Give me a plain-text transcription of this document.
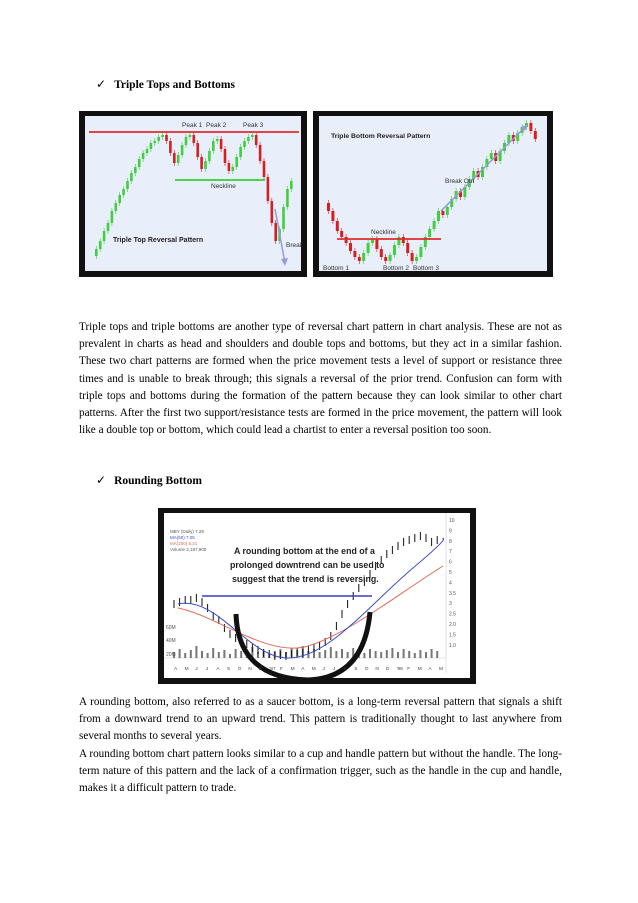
✓ Triple Tops and Bottoms
Peak 1 Peak 2	Peak 3
Neckline
Break
Triple Top Reversal Pattern
Triple Bottom Reversal Pattern
Neckline
Break Out
Bottom 1	Bottom 2 Bottom 3

Triple tops and triple bottoms are another type of reversal chart pattern in chart analysis. These are not as prevalent in charts as head and shoulders and double tops and bottoms, but they act in a similar fashion. These two chart patterns are formed when the price movement tests a level of support or resistance three times and is unable to break through; this signals a reversal of the prior trend. Confusion can form with triple tops and bottoms during the formation of the pattern because they can look similar to other chart patterns. After the first two support/resistance tests are formed in the price movement, the pattern will look like a double top or bottom, which could lead a chartist to enter a reversal position too soon.

✓ Rounding Bottom
A rounding bottom at the end of a
prolonged downtrend can be used to
suggest that the trend is reversing.
MBY (Daily) 7.29
MA(50) 7.05
MA(200) 6.21
Volume 2,187,900
60M
40M
20M
10
9
8
7
6
5
4
3.5
3
2.5
2.0
1.5
1.0
A M J J A S O N D '97 F M A M J J A S O N D '98 F M A M

A rounding bottom, also referred to as a saucer bottom, is a long-term reversal pattern that signals a shift from a downward trend to an upward trend. This pattern is traditionally thought to last anywhere from several months to several years.

A rounding bottom chart pattern looks similar to a cup and handle pattern but without the handle. The long-term nature of this pattern and the lack of a confirmation trigger, such as the handle in the cup and handle, makes it a difficult pattern to trade.
